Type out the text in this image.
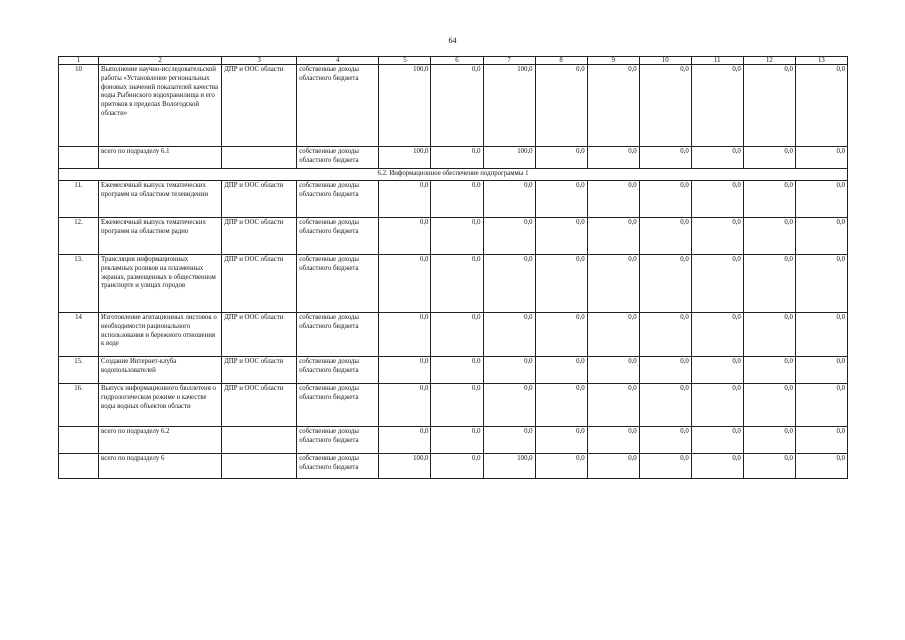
64
1	2	3	4	5	6	7	8	9	10	11	12	13
10	Выполнение научно-исследовательской работы «Установление региональных фоновых значений показателей качества воды Рыбинского водохранилища и его притоков в пределах Вологодской области»	ДПР и ООС области	собственные доходы областного бюджета	100,0	0,0	100,0	0,0	0,0	0,0	0,0	0,0	0,0
	всего по подразделу 6.1		собственные доходы областного бюджета	100,0	0,0	100,0	0,0	0,0	0,0	0,0	0,0	0,0
6.2. Информационное обеспечение подпрограммы 1												
11.	Ежемесячный выпуск тематических программ на областном телевидении	ДПР и ООС области	собственные доходы областного бюджета	0,0	0,0	0,0	0,0	0,0	0,0	0,0	0,0	0,0
12.	Ежемесячный выпуск тематических программ на областном радио	ДПР и ООС области	собственные доходы областного бюджета	0,0	0,0	0,0	0,0	0,0	0,0	0,0	0,0	0,0
13.	Трансляция информационных рекламных роликов на плазменных экранах, размещенных в общественном транспорте и улицах городов	ДПР и ООС области	собственные доходы областного бюджета	0,0	0,0	0,0	0,0	0,0	0,0	0,0	0,0	0,0
14	Изготовление агитационных листовок о необходимости рационального использования и бережного отношения к воде	ДПР и ООС области	собственные доходы областного бюджета	0,0	0,0	0,0	0,0	0,0	0,0	0,0	0,0	0,0
15.	Создание Интернет-клуба водопользователей	ДПР и ООС области	собственные доходы областного бюджета	0,0	0,0	0,0	0,0	0,0	0,0	0,0	0,0	0,0
16.	Выпуск информационного бюллетеня о гидрологическом режиме и качестве воды водных объектов области	ДПР и ООС области	собственные доходы областного бюджета	0,0	0,0	0,0	0,0	0,0	0,0	0,0	0,0	0,0
	всего по подразделу 6.2		собственные доходы областного бюджета	0,0	0,0	0,0	0,0	0,0	0,0	0,0	0,0	0,0
	всего по подразделу 6		собственные доходы областного бюджета	100,0	0,0	100,0	0,0	0,0	0,0	0,0	0,0	0,0
